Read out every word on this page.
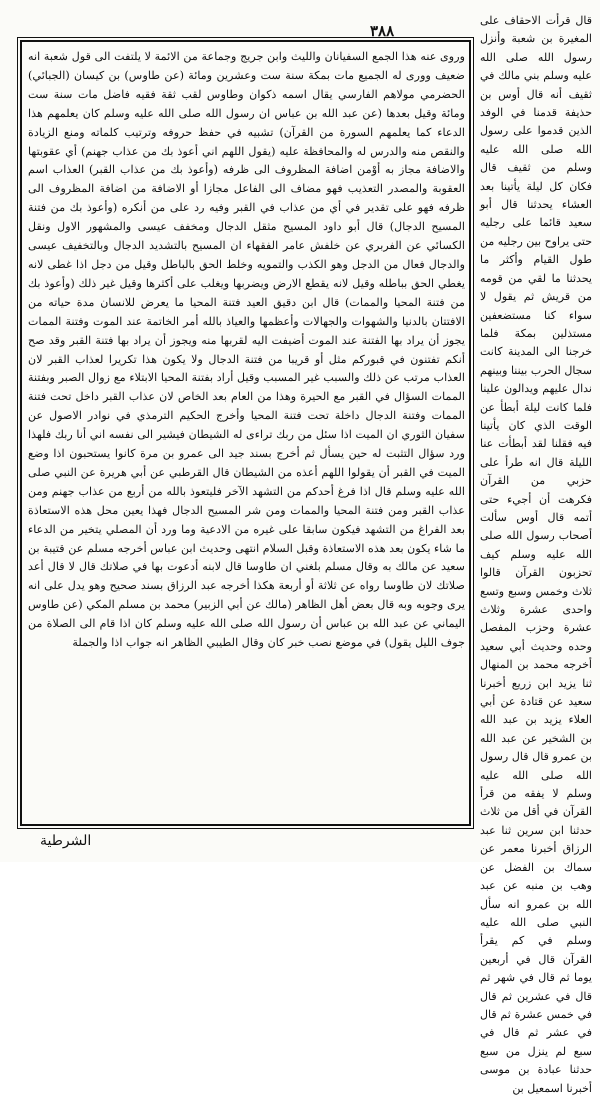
٣٨٨
قال قرأت الاحقاف على المغيرة بن شعبة وأنزل رسول الله صلى الله عليه وسلم بني مالك في ثقيف أنه قال أوس بن حذيفة قدمنا في الوفد الذين قدموا على رسول الله صلى الله عليه وسلم من ثقيف قال فكان كل ليلة يأتينا بعد العشاء يحدثنا قال أبو سعيد قائما على رجليه حتى يراوح بين رجليه من طول القيام وأكثر ما يحدثنا ما لقي من قومه من قريش ثم يقول لا سواء كنا مستضعفين مستذلين بمكة فلما خرجنا الى المدينة كانت سجال الحرب بيننا وبينهم ندال عليهم ويدالون علينا فلما كانت ليلة أبطأ عن الوقت الذي كان يأتينا فيه فقلنا لقد أبطأت عنا الليلة قال انه طرأ على حزبي من القرآن فكرهت أن أجيء حتى أتمه قال أوس سألت أصحاب رسول الله صلى الله عليه وسلم كيف تحزبون القرآن قالوا ثلاث وخمس وسبع وتسع واحدى عشرة وثلاث عشرة وحزب المفصل وحده وحديث أبي سعيد أخرجه محمد بن المنهال ثنا يزيد ابن زريع أخبرنا سعيد عن قتادة عن أبي العلاء يزيد بن عبد الله بن الشخير عن عبد الله بن عمرو قال قال رسول الله صلى الله عليه وسلم لا يفقه من قرأ القرآن في أقل من ثلاث حدثنا ابن سرين ثنا عبد الرزاق أخبرنا معمر عن سماك بن الفضل عن وهب بن منبه عن عبد الله بن عمرو انه سأل النبي صلى الله عليه وسلم في كم يقرأ القرآن قال في أربعين يوما ثم قال في شهر ثم قال في عشرين ثم قال في خمس عشرة ثم قال في عشر ثم قال في سبع لم ينزل من سبع حدثنا عبادة بن موسى أخبرنا اسمعيل بن
وروى عنه هذا الجمع السفيانان والليث وابن جريج وجماعة من الائمة لا يلتفت الى قول شعبة انه ضعيف وورى له الجميع مات بمكة سنة ست وعشرين ومائة (عن طاوس) بن كيسان (الجبائي) الحضرمي مولاهم الفارسي يقال اسمه ذكوان وطاوس لقب ثقة فقيه فاضل مات سنة ست ومائة وقيل بعدها (عن عبد الله بن عباس ان رسول الله صلى الله عليه وسلم كان يعلمهم هذا الدعاء كما يعلمهم السورة من القرآن) تشبيه في حفظ حروفه وترتيب كلماته ومنع الزيادة والنقص منه والدرس له والمحافظة عليه (يقول اللهم اني أعوذ بك من عذاب جهنم) أي عقوبتها والاضافة مجاز به أوْمن اضافة المظروف الى ظرفه (وأعوذ بك من عذاب القبر) العذاب اسم العقوبة والمصدر التعذيب فهو مضاف الى الفاعل مجازا أو الاضافة من اضافة المظروف الى ظرفه فهو على تقدير في أي من عذاب في القبر وفيه رد على من أنكره (وأعوذ بك من فتنة المسيح الدجال) قال أبو داود المسيح مثقل الدجال ومخفف عيسى والمشهور الاول ونقل الكسائي عن الفربري عن خلفش عامر الفقهاء ان المسيح بالتشديد الدجال وبالتخفيف عيسى والدجال فعال من الدجل وهو الكذب والتمويه وخلط الحق بالباطل وقيل من دجل اذا غطى لانه يغطي الحق بباطله وقيل لانه يقطع الارض ويضربها ويغلب على أكثرها وقيل غير ذلك (وأعوذ بك من فتنة المحيا والممات) قال ابن دقيق العيد فتنة المحيا ما يعرض للانسان مدة حياته من الافتتان بالدنيا والشهوات والجهالات وأعظمها والعياذ بالله أمر الخاتمة عند الموت وفتنة الممات يجوز أن يراد بها الفتنة عند الموت أضيفت اليه لقربها منه ويجوز أن يراد بها فتنة القبر وقد صح أنكم تفتنون في قبوركم مثل أو قريبا من فتنة الدجال ولا يكون هذا تكريرا لعذاب القبر لان العذاب مرتب عن ذلك والسبب غير المسبب وقيل أراد بفتنة المحيا الابتلاء مع زوال الصبر وبفتنة الممات السؤال في القبر مع الحيرة وهذا من العام بعد الخاص لان عذاب القبر داخل تحت فتنة الممات وفتنة الدجال داخلة تحت فتنة المحيا وأخرج الحكيم الترمذي في نوادر الاصول عن سفيان الثوري ان الميت اذا سئل من ربك تراءى له الشيطان فيشير الى نفسه اني أنا ربك فلهذا ورد سؤال التثبت له حين يسأل ثم أخرج بسند جيد الى عمرو بن مرة كانوا يستحبون اذا وضع الميت في القبر أن يقولوا اللهم أعذه من الشيطان قال القرطبي عن أبي هريرة عن النبي صلى الله عليه وسلم قال اذا فرغ أحدكم من التشهد الآخر فليتعوذ بالله من أربع من عذاب جهنم ومن عذاب القبر ومن فتنة المحيا والممات ومن شر المسيح الدجال فهذا يعين محل هذه الاستعاذة بعد الفراغ من التشهد فيكون سابقا على غيره من الادعية وما ورد أن المصلي يتخير من الدعاء ما شاء يكون بعد هذه الاستعاذة وقبل السلام انتهى وحديث ابن عباس أخرجه مسلم عن قتيبة بن سعيد عن مالك به وقال مسلم بلغني ان طاوسا قال لابنه أدعوت بها في صلاتك قال لا قال أعد صلاتك لان طاوسا رواه عن ثلاثة أو أربعة هكذا أخرجه عبد الرزاق بسند صحيح وهو يدل على انه يرى وجوبه وبه قال بعض أهل الظاهر (مالك عن أبي الزبير) محمد بن مسلم المكي (عن طاوس اليماني عن عبد الله بن عباس أن رسول الله صلى الله عليه وسلم كان اذا قام الى الصلاة من جوف الليل يقول) في موضع نصب خبر كان وقال الطيبي الظاهر انه جواب اذا والجملة
الشرطية
